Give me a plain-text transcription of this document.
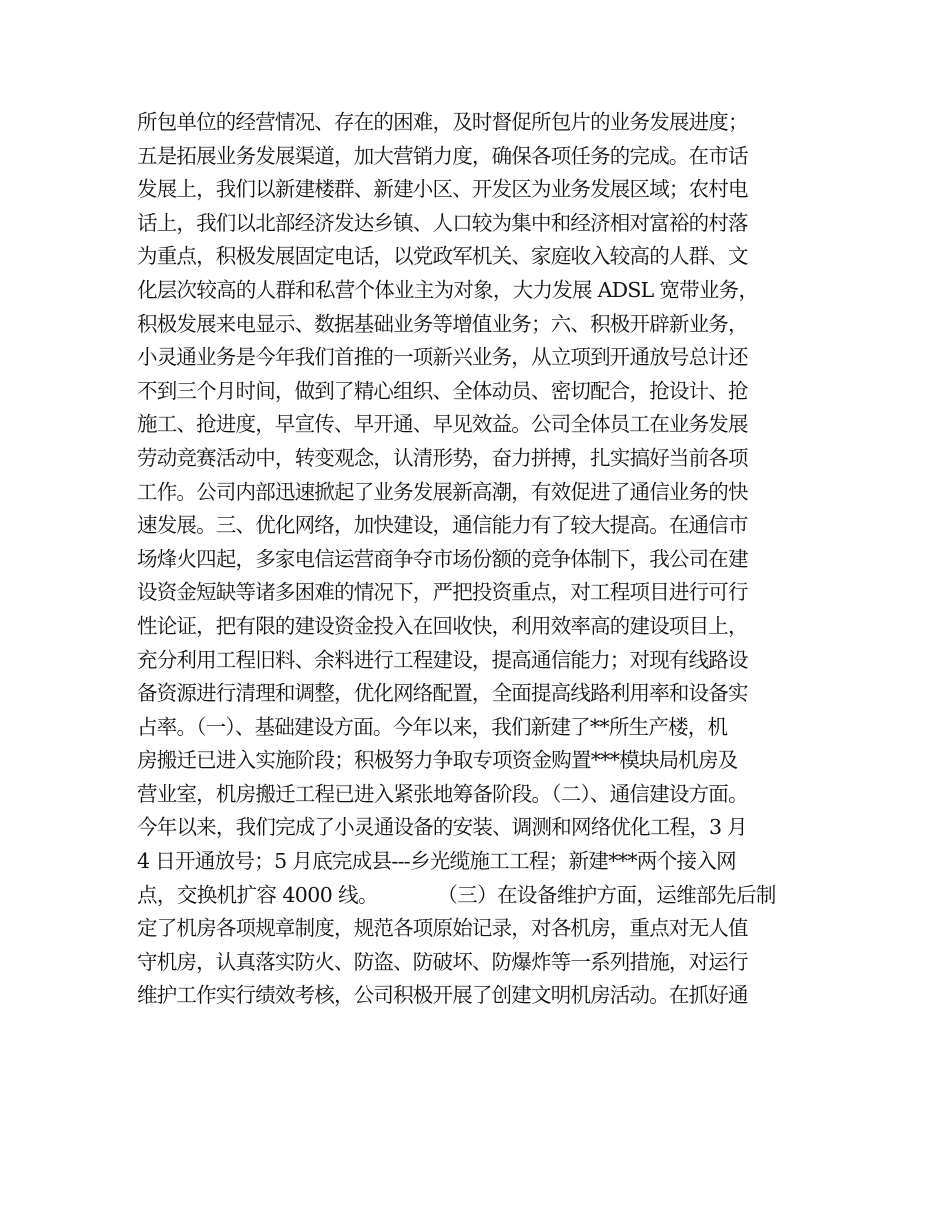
所包单位的经营情况、存在的困难，及时督促所包片的业务发展进度；
五是拓展业务发展渠道，加大营销力度，确保各项任务的完成。在市话
发展上，我们以新建楼群、新建小区、开发区为业务发展区域；农村电
话上，我们以北部经济发达乡镇、人口较为集中和经济相对富裕的村落
为重点，积极发展固定电话，以党政军机关、家庭收入较高的人群、文
化层次较高的人群和私营个体业主为对象，大力发展 ADSL 宽带业务，
积极发展来电显示、数据基础业务等增值业务；六、积极开辟新业务，
小灵通业务是今年我们首推的一项新兴业务，从立项到开通放号总计还
不到三个月时间，做到了精心组织、全体动员、密切配合，抢设计、抢
施工、抢进度，早宣传、早开通、早见效益。公司全体员工在业务发展
劳动竞赛活动中，转变观念，认清形势，奋力拼搏，扎实搞好当前各项
工作。公司内部迅速掀起了业务发展新高潮，有效促进了通信业务的快
速发展。三、优化网络，加快建设，通信能力有了较大提高。在通信市
场烽火四起，多家电信运营商争夺市场份额的竞争体制下，我公司在建
设资金短缺等诸多困难的情况下，严把投资重点，对工程项目进行可行
性论证，把有限的建设资金投入在回收快，利用效率高的建设项目上，
充分利用工程旧料、余料进行工程建设，提高通信能力；对现有线路设
备资源进行清理和调整，优化网络配置，全面提高线路利用率和设备实
占率。（一）、基础建设方面。今年以来，我们新建了**所生产楼，机
房搬迁已进入实施阶段；积极努力争取专项资金购置***模块局机房及
营业室，机房搬迁工程已进入紧张地筹备阶段。（二）、通信建设方面。
今年以来，我们完成了小灵通设备的安装、调测和网络优化工程，3 月
4 日开通放号；5 月底完成县---乡光缆施工工程；新建***两个接入网
点，交换机扩容 4000 线。          （三）在设备维护方面，运维部先后制
定了机房各项规章制度，规范各项原始记录，对各机房，重点对无人值
守机房，认真落实防火、防盗、防破坏、防爆炸等一系列措施，对运行
维护工作实行绩效考核，公司积极开展了创建文明机房活动。在抓好通
